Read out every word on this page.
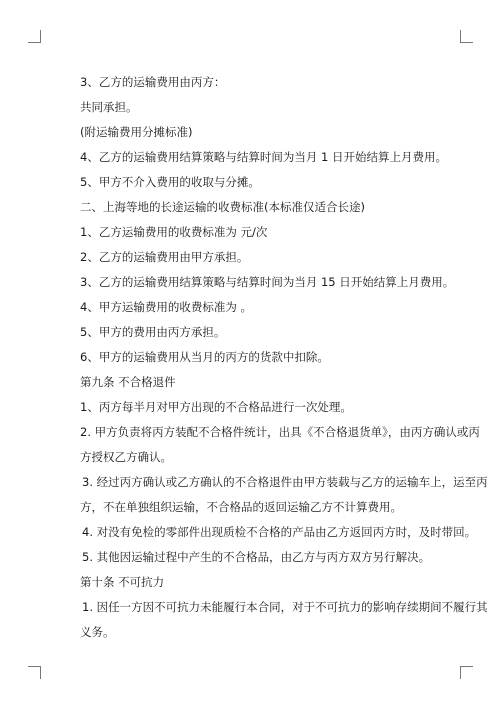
3、乙方的运输费用由丙方：
共同承担。
(附运输费用分摊标准)
4、乙方的运输费用结算策略与结算时间为当月 1 日开始结算上月费用。
5、甲方不介入费用的收取与分摊。
二、上海等地的长途运输的收费标准(本标准仅适合长途)
1、乙方运输费用的收费标准为 元/次
2、乙方的运输费用由甲方承担。
3、乙方的运输费用结算策略与结算时间为当月 15 日开始结算上月费用。
4、甲方运输费用的收费标准为 。
5、甲方的费用由丙方承担。
6、甲方的运输费用从当月的丙方的货款中扣除。
第九条 不合格退件
1、丙方每半月对甲方出现的不合格品进行一次处理。
2. 甲方负责将丙方装配不合格件统计，出具《不合格退货单》，由丙方确认或丙
方授权乙方确认。
3. 经过丙方确认或乙方确认的不合格退件由甲方装载与乙方的运输车上，运至丙
方，不在单独组织运输，不合格品的返回运输乙方不计算费用。
4. 对没有免检的零部件出现质检不合格的产品由乙方返回丙方时，及时带回。
5. 其他因运输过程中产生的不合格品，由乙方与丙方双方另行解决。
第十条 不可抗力
1. 因任一方因不可抗力未能履行本合同，对于不可抗力的影响存续期间不履行其
义务。
